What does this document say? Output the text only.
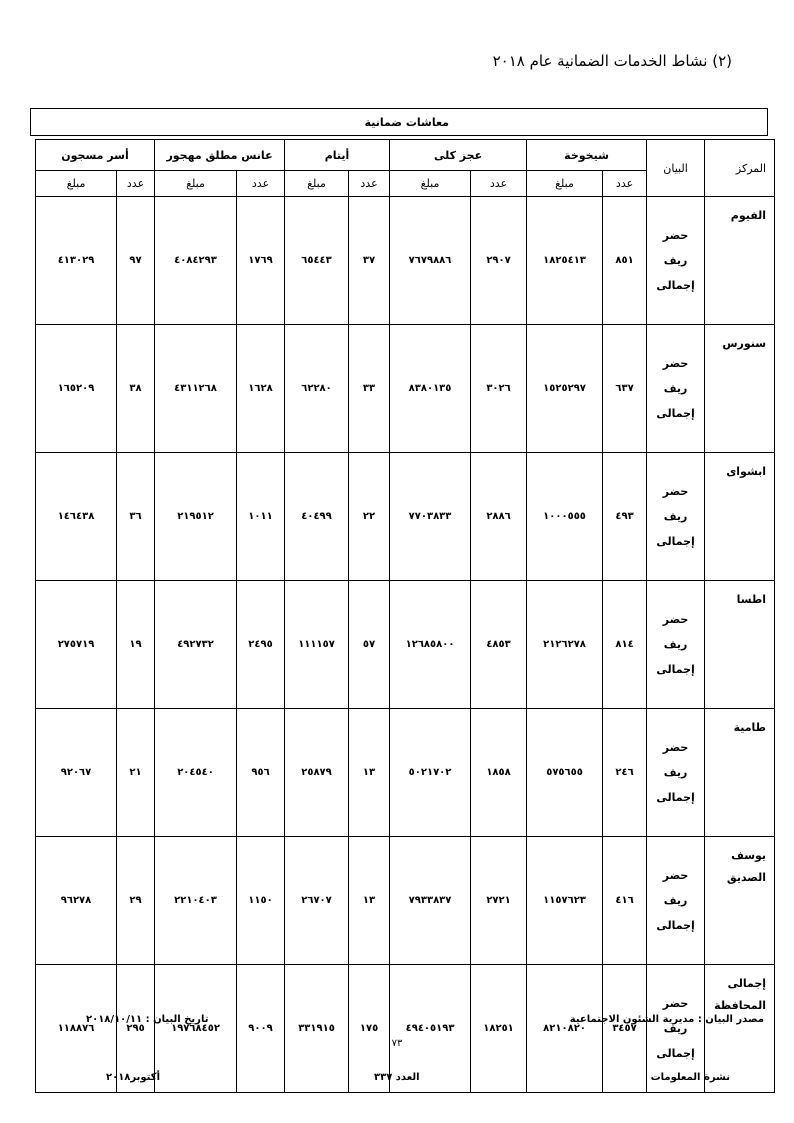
(٢) نشاط الخدمات الضمانية عام ٢٠١٨
معاشات ضمانية
المركز	البيان	شيخوخة		عجز كلى		أيتام		عانس مطلق مهجور		أسر مسجون	
		عدد	مبلغ	عدد	مبلغ	عدد	مبلغ	عدد	مبلغ	عدد	مبلغ
الفيوم	حضر
ريف
إجمالى	٨٥١	١٨٢٥٤١٣	٢٩٠٧	٧٦٧٩٨٨٦	٣٧	٦٥٤٤٣	١٧٦٩	٤٠٨٤٢٩٣	٩٧	٤١٣٠٢٩
سنورس	حضر
ريف
إجمالى	٦٣٧	١٥٢٥٢٩٧	٣٠٢٦	٨٣٨٠١٣٥	٣٣	٦٢٢٨٠	١٦٢٨	٤٣١١٢٦٨	٣٨	١٦٥٢٠٩
ابشواى	حضر
ريف
إجمالى	٤٩٣	١٠٠٠٥٥٥	٢٨٨٦	٧٧٠٣٨٣٣	٢٢	٤٠٤٩٩	١٠١١	٢١٩٥١٢	٣٦	١٤٦٤٣٨
اطسا	حضر
ريف
إجمالى	٨١٤	٢١٢٦٢٧٨	٤٨٥٣	١٢٦٨٥٨٠٠	٥٧	١١١١٥٧	٢٤٩٥	٤٩٢٧٣٢	١٩	٢٧٥٧١٩
طامية	حضر
ريف
إجمالى	٢٤٦	٥٧٥٦٥٥	١٨٥٨	٥٠٢١٧٠٢	١٣	٢٥٨٧٩	٩٥٦	٢٠٤٥٤٠	٢١	٩٢٠٦٧
يوسف الصديق	حضر
ريف
إجمالى	٤١٦	١١٥٧٦٢٣	٢٧٢١	٧٩٣٣٨٣٧	١٣	٢٦٧٠٧	١١٥٠	٢٢١٠٤٠٣	٢٩	٩٦٢٧٨
إجمالى المحافظة	حضر
ريف
إجمالى	٣٤٥٧	٨٢١٠٨٢٠	١٨٢٥١	٤٩٤٠٥١٩٣	١٧٥	٣٣١٩١٥	٩٠٠٩	١٩٧٦٨٤٥٢	٢٩٥	١١٨٨٧٦
مصدر البيان : مديرية الشئون الاجتماعية
تاريخ البيان : ٢٠١٨/١٠/١١
٧٣
نشرة المعلومات
العدد ٣٣٧
أكتوبر٢٠١٨
